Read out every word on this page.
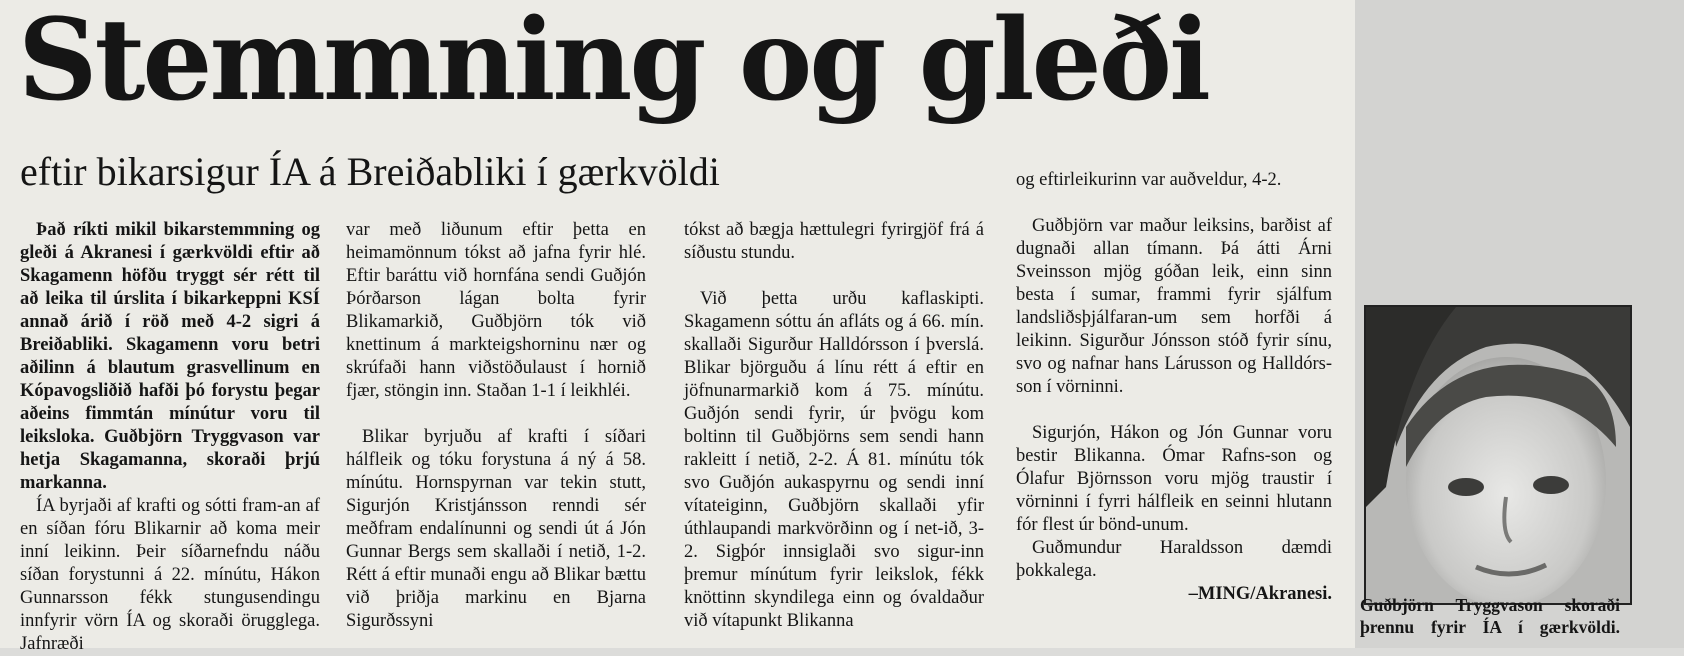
Stemmning og gleði
eftir bikarsigur ÍA á Breiðabliki í gærkvöldi

Það ríkti mikil bikarstemmning og gleði á Akranesi í gærkvöldi eftir að Skagamenn höfðu tryggt sér rétt til að leika til úrslita í bikarkeppni KSÍ annað árið í röð með 4-2 sigri á Breiðabliki. Skagamenn voru betri aðilinn á blautum grasvellinum en Kópavogsliðið hafði þó forystu þegar aðeins fimmtán mínútur voru til leiksloka. Guðbjörn Tryggvason var hetja Skagamanna, skoraði þrjú markanna.

ÍA byrjaði af krafti og sótti fram-an af en síðan fóru Blikarnir að koma meir inní leikinn. Þeir síðarnefndu náðu síðan forystunni á 22. mínútu, Hákon Gunnarsson fékk stungusendingu innfyrir vörn ÍA og skoraði örugglega. Jafnræði

var með liðunum eftir þetta en heimamönnum tókst að jafna fyrir hlé. Eftir baráttu við hornfána sendi Guðjón Þórðarson lágan bolta fyrir Blikamarkið, Guðbjörn tók við knettinum á markteigshorninu nær og skrúfaði hann viðstöðulaust í hornið fjær, stöngin inn. Staðan 1-1 í leikhléi.

Blikar byrjuðu af krafti í síðari hálfleik og tóku forystuna á ný á 58. mínútu. Hornspyrnan var tekin stutt, Sigurjón Kristjánsson renndi sér meðfram endalínunni og sendi út á Jón Gunnar Bergs sem skallaði í netið, 1-2. Rétt á eftir munaði engu að Blikar bættu við þriðja markinu en Bjarna Sigurðssyni

tókst að bægja hættulegri fyrirgjöf frá á síðustu stundu.

Við þetta urðu kaflaskipti. Skagamenn sóttu án afláts og á 66. mín. skallaði Sigurður Halldórsson í þverslá. Blikar björguðu á línu rétt á eftir en jöfnunarmarkið kom á 75. mínútu. Guðjón sendi fyrir, úr þvögu kom boltinn til Guðbjörns sem sendi hann rakleitt í netið, 2-2. Á 81. mínútu tók svo Guðjón aukaspyrnu og sendi inní vítateiginn, Guðbjörn skallaði yfir úthlaupandi markvörðinn og í net-ið, 3-2. Sigþór innsiglaði svo sigur-inn þremur mínútum fyrir leikslok, fékk knöttinn skyndilega einn og óvaldaður við vítapunkt Blikanna

og eftirleikurinn var auðveldur, 4-2.

Guðbjörn var maður leiksins, barðist af dugnaði allan tímann. Þá átti Árni Sveinsson mjög góðan leik, einn sinn besta í sumar, frammi fyrir sjálfum landsliðsþjálfaran-um sem horfði á leikinn. Sigurður Jónsson stóð fyrir sínu, svo og nafnar hans Lárusson og Halldórs-son í vörninni.

Sigurjón, Hákon og Jón Gunnar voru bestir Blikanna. Ómar Rafns-son og Ólafur Björnsson voru mjög traustir í vörninni í fyrri hálfleik en seinni hlutann fór flest úr bönd-unum.

Guðmundur Haraldsson dæmdi þokkalega.

–MING/Akranesi.

Guðbjörn Tryggvason skoraði þrennu fyrir ÍA í gærkvöldi.
